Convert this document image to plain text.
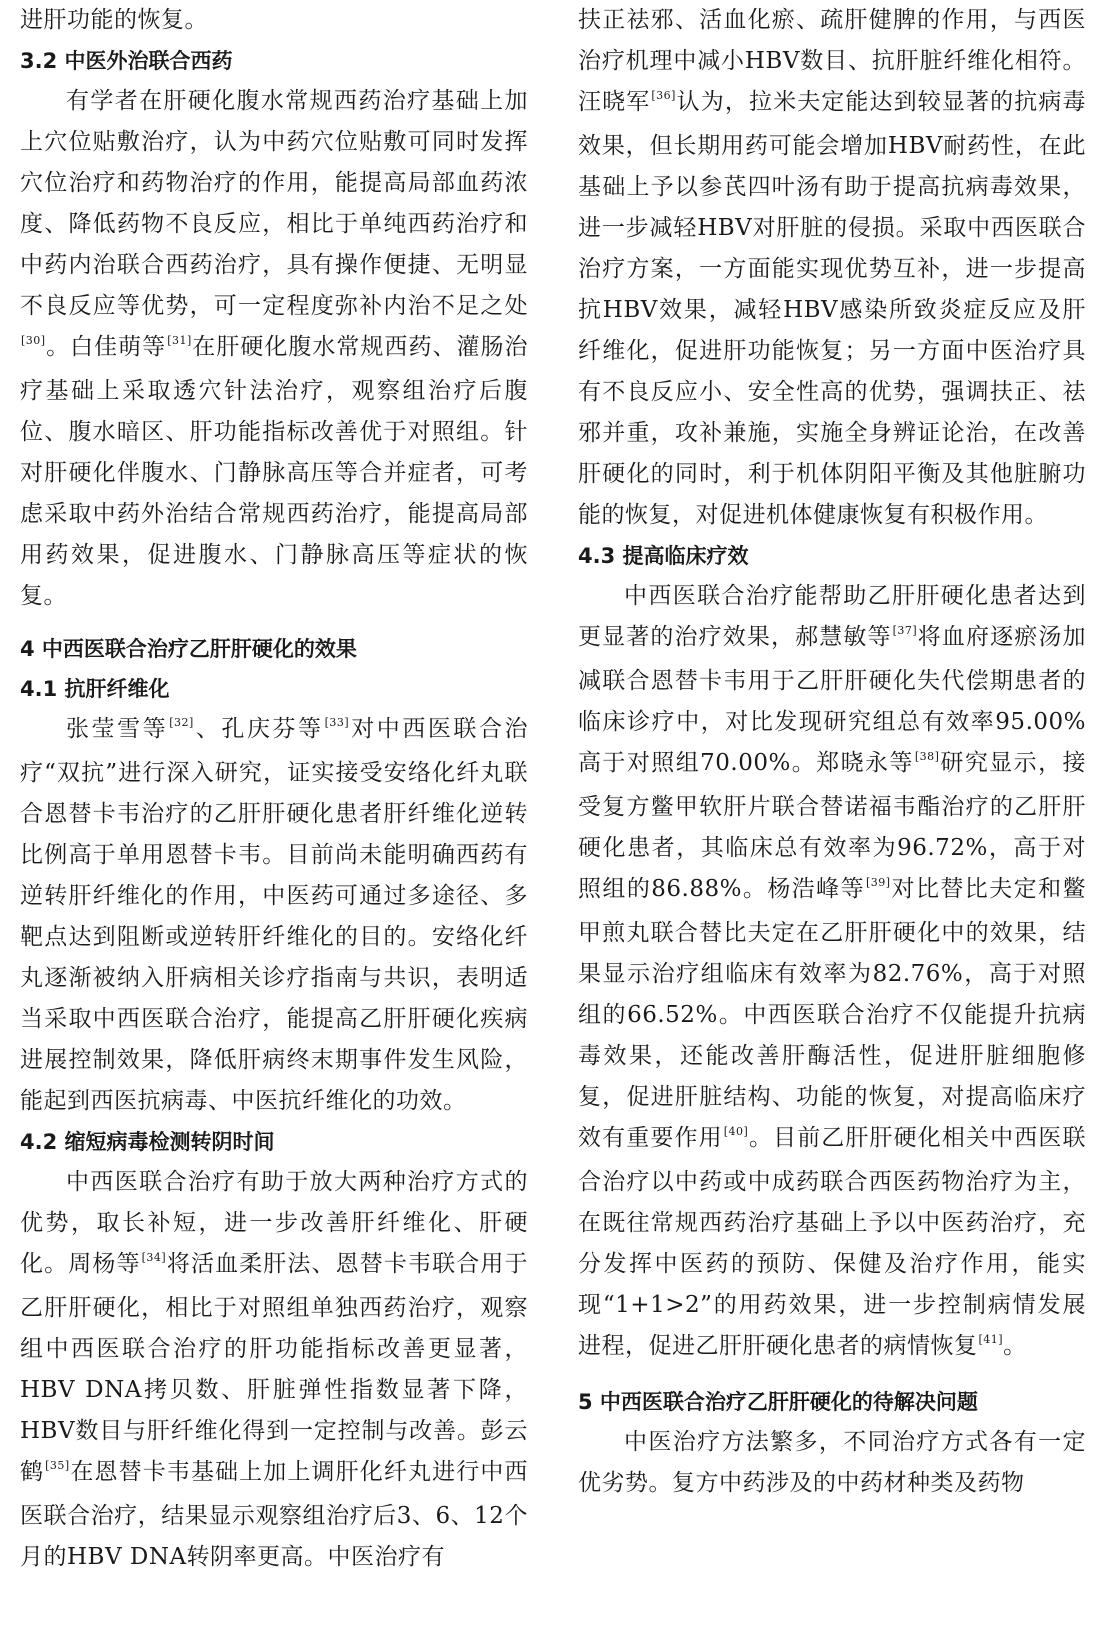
进肝功能的恢复。

3.2 中医外治联合西药

有学者在肝硬化腹水常规西药治疗基础上加上穴位贴敷治疗，认为中药穴位贴敷可同时发挥穴位治疗和药物治疗的作用，能提高局部血药浓度、降低药物不良反应，相比于单纯西药治疗和中药内治联合西药治疗，具有操作便捷、无明显不良反应等优势，可一定程度弥补内治不足之处[30]。白佳萌等[31]在肝硬化腹水常规西药、灌肠治疗基础上采取透穴针法治疗，观察组治疗后腹位、腹水暗区、肝功能指标改善优于对照组。针对肝硬化伴腹水、门静脉高压等合并症者，可考虑采取中药外治结合常规西药治疗，能提高局部用药效果，促进腹水、门静脉高压等症状的恢复。

4 中西医联合治疗乙肝肝硬化的效果
4.1 抗肝纤维化

张莹雪等[32]、孔庆芬等[33]对中西医联合治疗“双抗”进行深入研究，证实接受安络化纤丸联合恩替卡韦治疗的乙肝肝硬化患者肝纤维化逆转比例高于单用恩替卡韦。目前尚未能明确西药有逆转肝纤维化的作用，中医药可通过多途径、多靶点达到阻断或逆转肝纤维化的目的。安络化纤丸逐渐被纳入肝病相关诊疗指南与共识，表明适当采取中西医联合治疗，能提高乙肝肝硬化疾病进展控制效果，降低肝病终末期事件发生风险，能起到西医抗病毒、中医抗纤维化的功效。

4.2 缩短病毒检测转阴时间

中西医联合治疗有助于放大两种治疗方式的优势，取长补短，进一步改善肝纤维化、肝硬化。周杨等[34]将活血柔肝法、恩替卡韦联合用于乙肝肝硬化，相比于对照组单独西药治疗，观察组中西医联合治疗的肝功能指标改善更显著，HBV DNA拷贝数、肝脏弹性指数显著下降，HBV数目与肝纤维化得到一定控制与改善。彭云鹤[35]在恩替卡韦基础上加上调肝化纤丸进行中西医联合治疗，结果显示观察组治疗后3、6、12个月的HBV DNA转阴率更高。中医治疗有

扶正祛邪、活血化瘀、疏肝健脾的作用，与西医治疗机理中减小HBV数目、抗肝脏纤维化相符。汪晓军[36]认为，拉米夫定能达到较显著的抗病毒效果，但长期用药可能会增加HBV耐药性，在此基础上予以参芪四叶汤有助于提高抗病毒效果，进一步减轻HBV对肝脏的侵损。采取中西医联合治疗方案，一方面能实现优势互补，进一步提高抗HBV效果，减轻HBV感染所致炎症反应及肝纤维化，促进肝功能恢复；另一方面中医治疗具有不良反应小、安全性高的优势，强调扶正、祛邪并重，攻补兼施，实施全身辨证论治，在改善肝硬化的同时，利于机体阴阳平衡及其他脏腑功能的恢复，对促进机体健康恢复有积极作用。

4.3 提高临床疗效

中西医联合治疗能帮助乙肝肝硬化患者达到更显著的治疗效果，郝慧敏等[37]将血府逐瘀汤加减联合恩替卡韦用于乙肝肝硬化失代偿期患者的临床诊疗中，对比发现研究组总有效率95.00%高于对照组70.00%。郑晓永等[38]研究显示，接受复方鳖甲软肝片联合替诺福韦酯治疗的乙肝肝硬化患者，其临床总有效率为96.72%，高于对照组的86.88%。杨浩峰等[39]对比替比夫定和鳖甲煎丸联合替比夫定在乙肝肝硬化中的效果，结果显示治疗组临床有效率为82.76%，高于对照组的66.52%。中西医联合治疗不仅能提升抗病毒效果，还能改善肝酶活性，促进肝脏细胞修复，促进肝脏结构、功能的恢复，对提高临床疗效有重要作用[40]。目前乙肝肝硬化相关中西医联合治疗以中药或中成药联合西医药物治疗为主，在既往常规西药治疗基础上予以中医药治疗，充分发挥中医药的预防、保健及治疗作用，能实现“1+1>2”的用药效果，进一步控制病情发展进程，促进乙肝肝硬化患者的病情恢复[41]。

5 中西医联合治疗乙肝肝硬化的待解决问题

中医治疗方法繁多，不同治疗方式各有一定优劣势。复方中药涉及的中药材种类及药物
